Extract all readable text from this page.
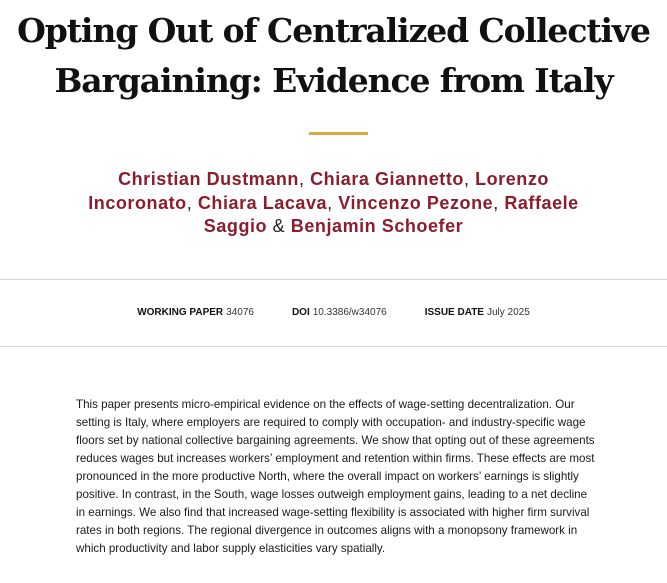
Opting Out of Centralized Collective Bargaining: Evidence from Italy
Christian Dustmann, Chiara Giannetto, Lorenzo Incoronato, Chiara Lacava, Vincenzo Pezone, Raffaele Saggio & Benjamin Schoefer
WORKING PAPER 34076	DOI 10.3386/w34076	ISSUE DATE July 2025

This paper presents micro-empirical evidence on the effects of wage-setting decentralization. Our setting is Italy, where employers are required to comply with occupation- and industry-specific wage floors set by national collective bargaining agreements. We show that opting out of these agreements reduces wages but increases workers’ employment and retention within firms. These effects are most pronounced in the more productive North, where the overall impact on workers’ earnings is slightly positive. In contrast, in the South, wage losses outweigh employment gains, leading to a net decline in earnings. We also find that increased wage-setting flexibility is associated with higher firm survival rates in both regions. The regional divergence in outcomes aligns with a monopsony framework in which productivity and labor supply elasticities vary spatially.
